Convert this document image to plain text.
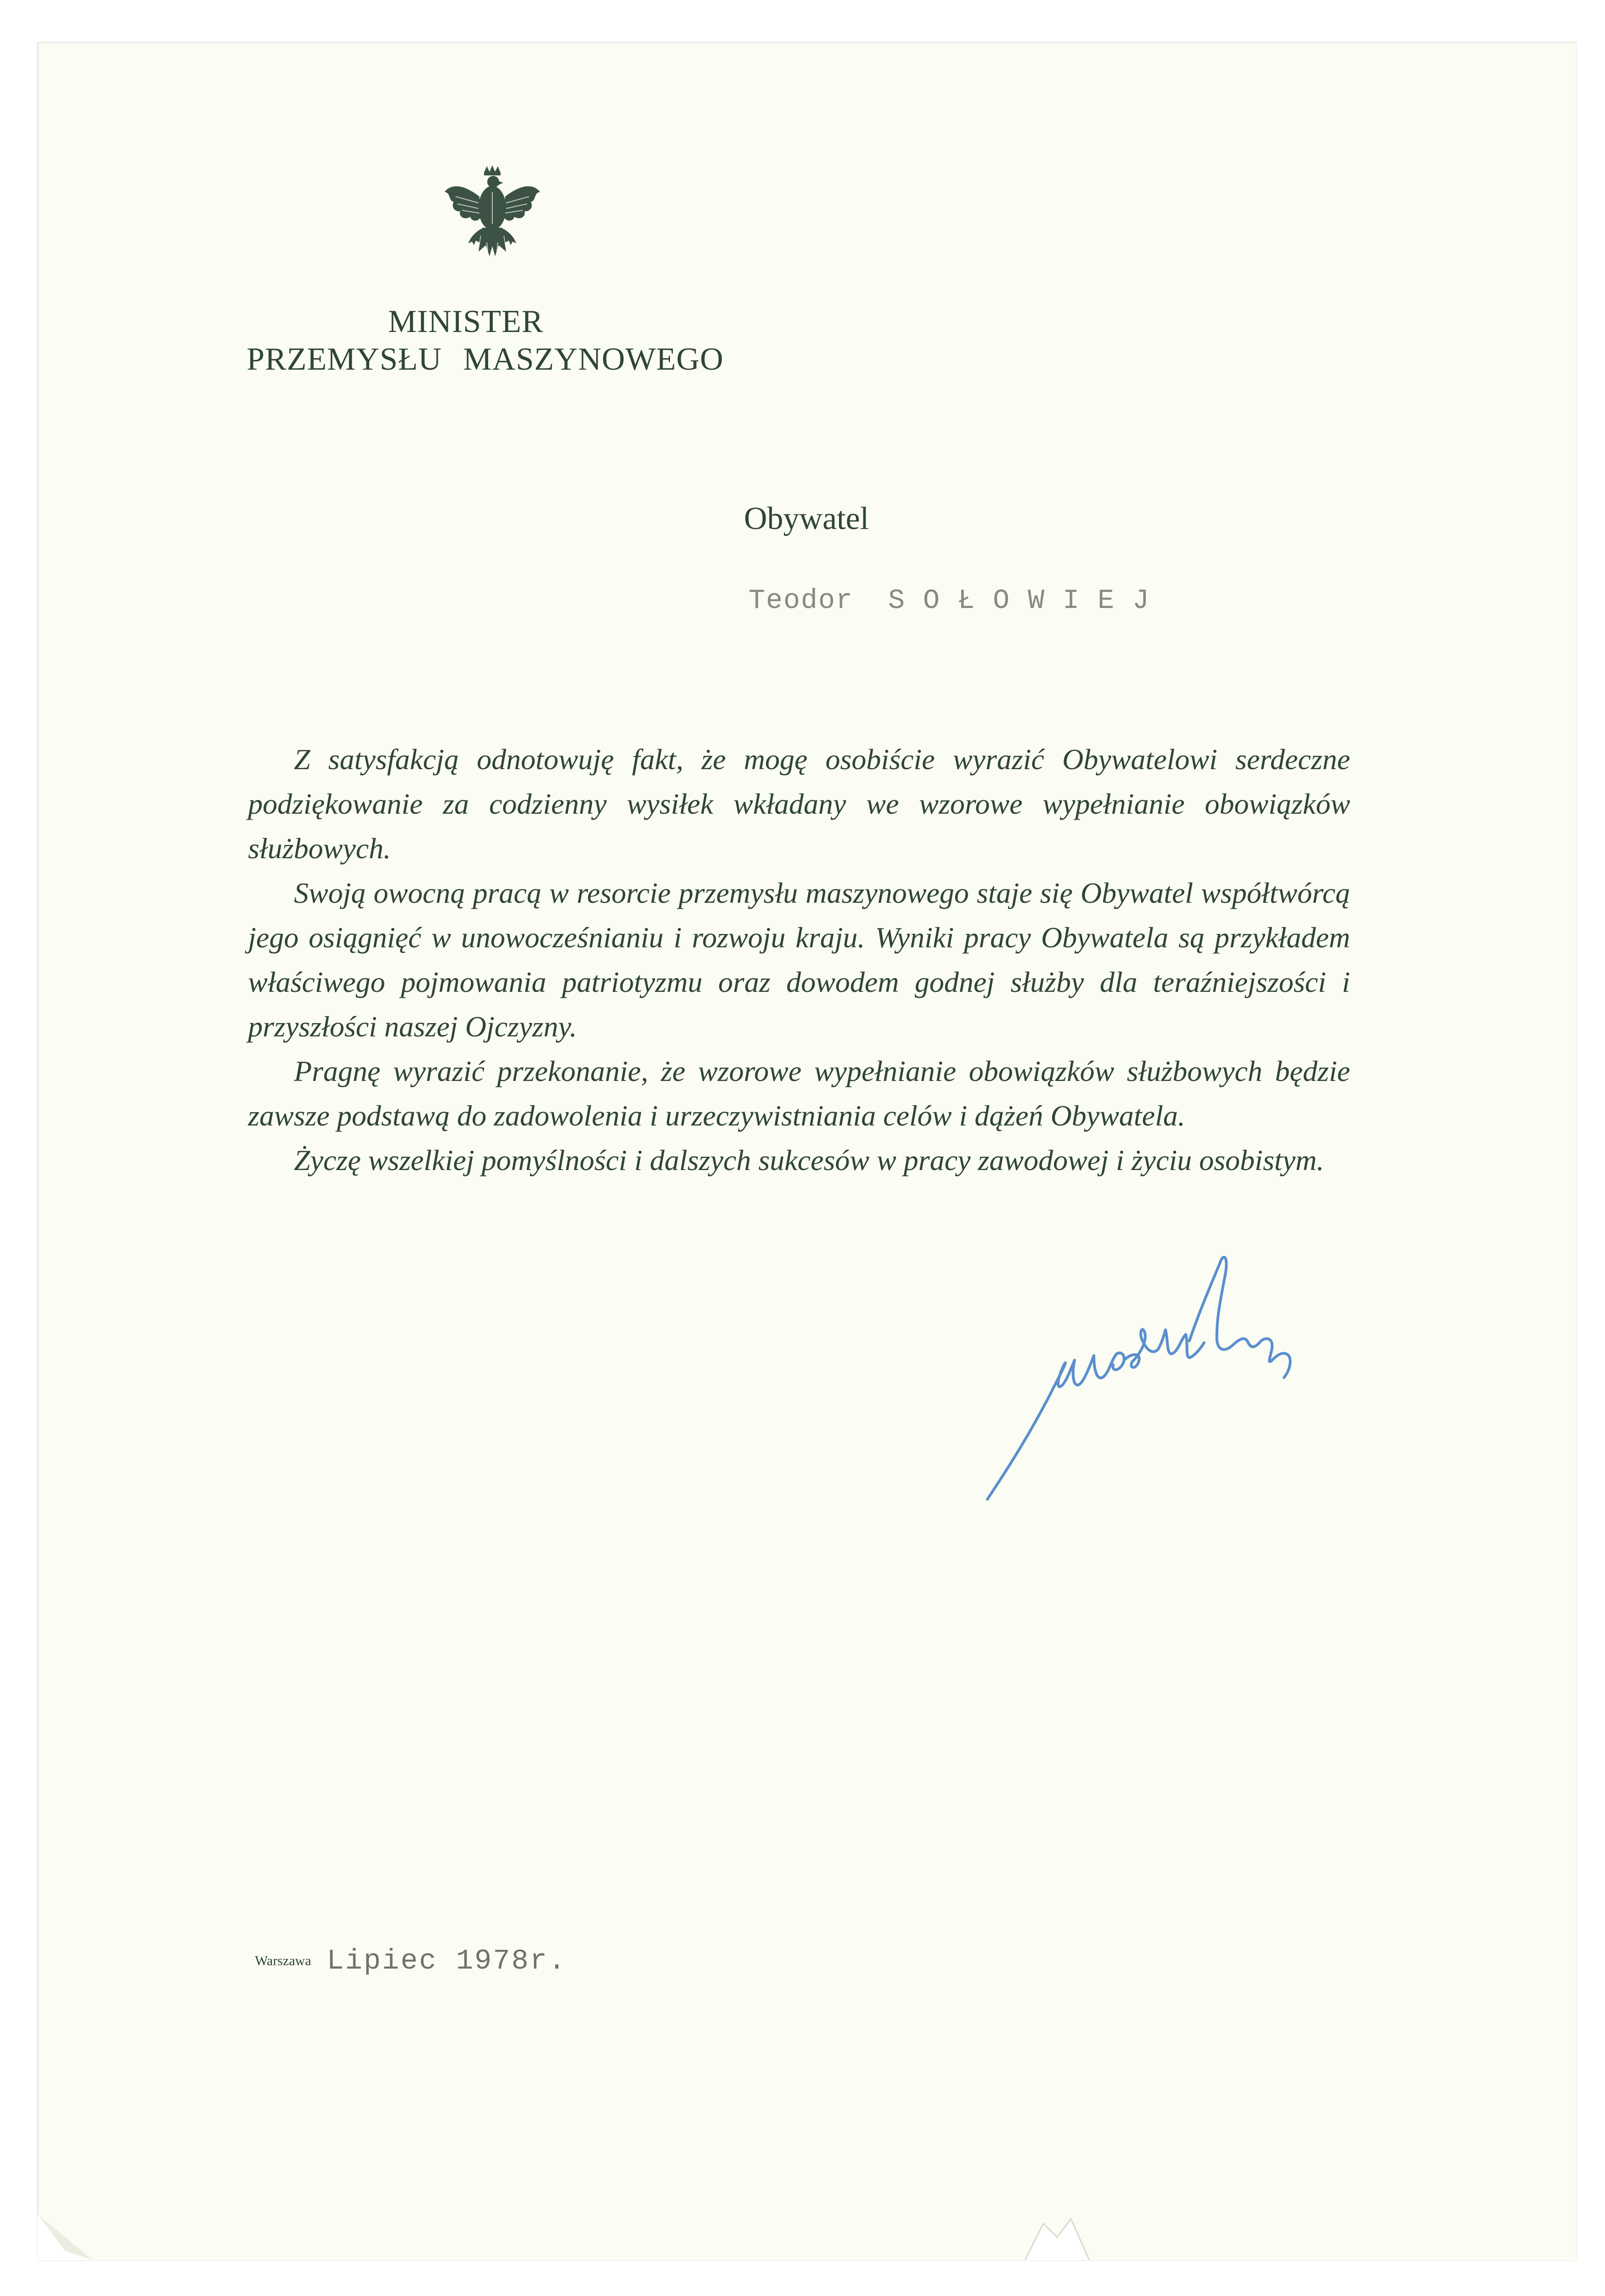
MINISTER
PRZEMYSŁU MASZYNOWEGO
Obywatel
Teodor  S O Ł O W I E J

Z satysfakcją odnotowuję fakt, że mogę osobiście wyrazić Obywatelowi serdeczne podziękowanie za codzienny wysiłek wkładany we wzorowe wypełnianie obowiązków służbowych.

Swoją owocną pracą w resorcie przemysłu maszynowego staje się Obywatel współtwórcą jego osiągnięć w unowocześnianiu i rozwoju kraju. Wyniki pracy Obywatela są przykładem właściwego pojmowania patriotyzmu oraz dowodem godnej służby dla teraźniejszości i przyszłości naszej Ojczyzny.

Pragnę wyrazić przekonanie, że wzorowe wypełnianie obowiązków służbowych będzie zawsze podstawą do zadowolenia i urzeczywistniania celów i dążeń Obywatela.

Życzę wszelkiej pomyślności i dalszych sukcesów w pracy zawodowej i życiu osobistym.

Warszawa Lipiec 1978r.
